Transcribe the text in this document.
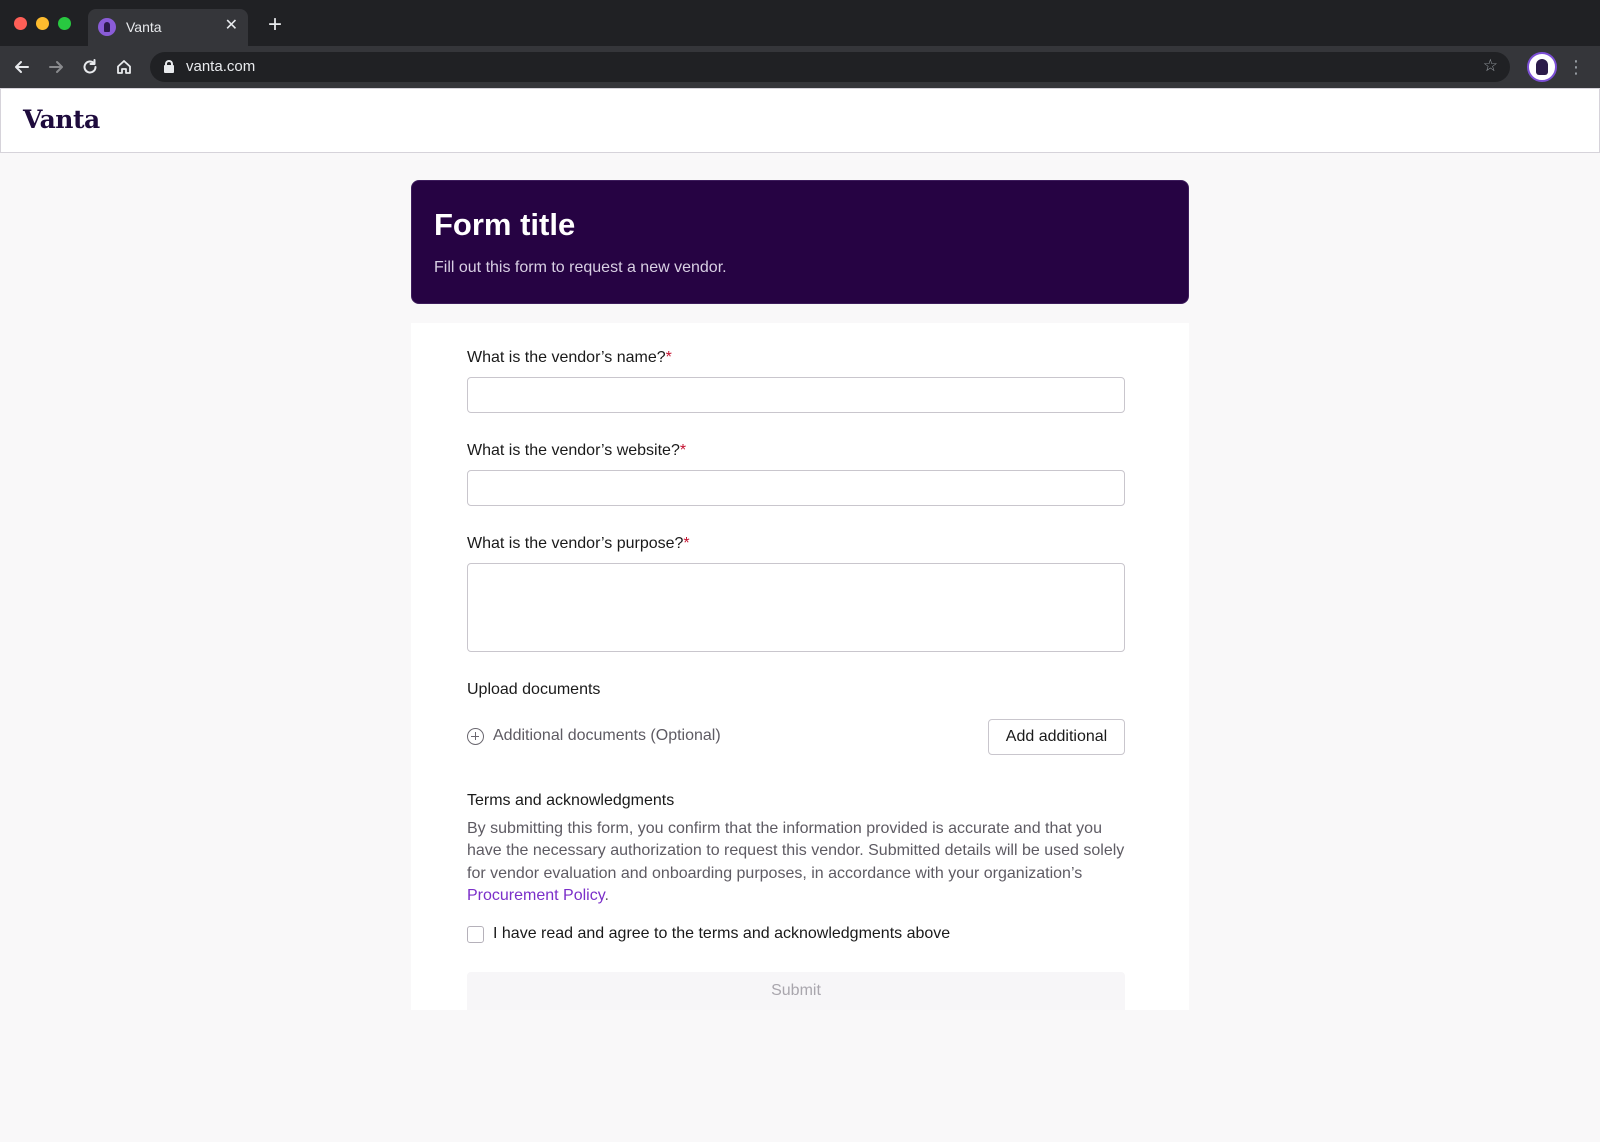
Vanta	✕ +
vanta.com	☆	⋮
Vanta
Form title

Fill out this form to request a new vendor.

What is the vendor’s name?*
What is the vendor’s website?*
What is the vendor’s purpose?*
Upload documents
Additional documents (Optional)	Add additional
Terms and acknowledgments

By submitting this form, you confirm that the information provided is accurate and that you have the necessary authorization to request this vendor. Submitted details will be used solely for vendor evaluation and onboarding purposes, in accordance with your organization’s Procurement Policy.

I have read and agree to the terms and acknowledgments above
Submit
